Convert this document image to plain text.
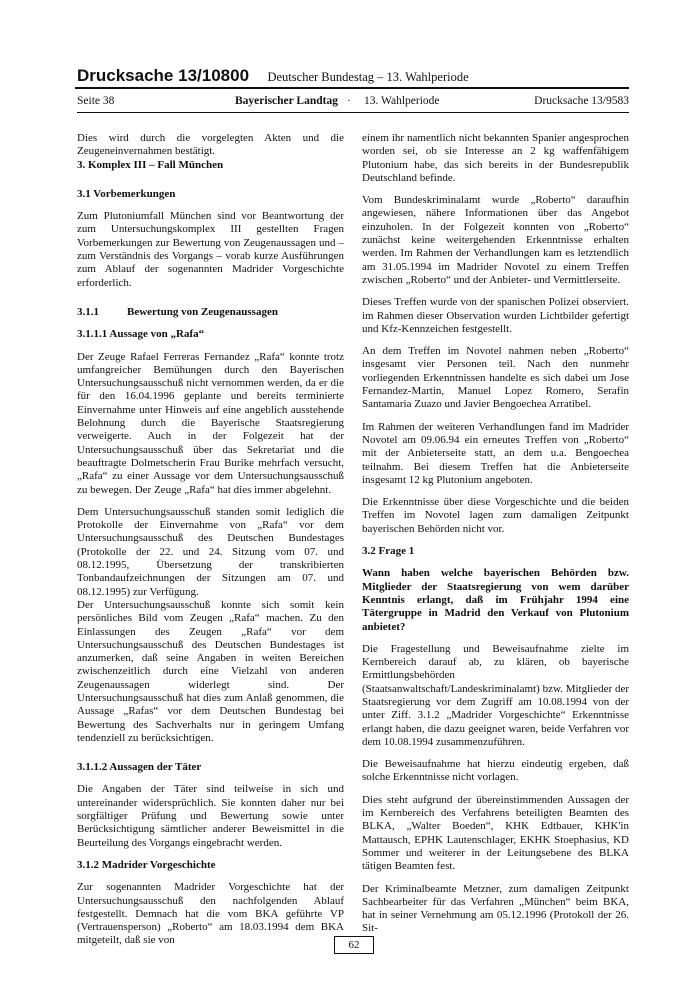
Drucksache 13/10800 Deutscher Bundestag – 13. Wahlperiode
Seite 38	Bayerischer Landtag · 13. Wahlperiode	Drucksache 13/9583

Dies wird durch die vorgelegten Akten und die Zeugeneinvernahmen bestätigt.

3. Komplex III – Fall München
3.1 Vorbemerkungen

Zum Plutoniumfall München sind vor Beantwortung der zum Untersuchungskomplex III gestellten Fragen Vorbemerkungen zur Bewertung von Zeugenaussagen und – zum Verständnis des Vorgangs – vorab kurze Ausführungen zum Ablauf der sogenannten Madrider Vorgeschichte erforderlich.

3.1.1	Bewertung von Zeugenaussagen
3.1.1.1 Aussage von „Rafa“

Der Zeuge Rafael Ferreras Fernandez „Rafa“ konnte trotz umfangreicher Bemühungen durch den Bayerischen Untersuchungsausschuß nicht vernommen werden, da er die für den 16.04.1996 geplante und bereits terminierte Einvernahme unter Hinweis auf eine angeblich ausstehende Belohnung durch die Bayerische Staatsregierung verweigerte. Auch in der Folgezeit hat der Untersuchungsausschuß über das Sekretariat und die beauftragte Dolmetscherin Frau Burike mehrfach versucht, „Rafa“ zu einer Aussage vor dem Untersuchungsausschuß zu bewegen. Der Zeuge „Rafa“ hat dies immer abgelehnt.

Dem Untersuchungsausschuß standen somit lediglich die Protokolle der Einvernahme von „Rafa“ vor dem Untersuchungsausschuß des Deutschen Bundestages (Protokolle der 22. und 24. Sitzung vom 07. und 08.12.1995, Übersetzung der transkribierten Tonbandaufzeichnungen der Sitzungen am 07. und 08.12.1995) zur Verfügung.

Der Untersuchungsausschuß konnte sich somit kein persönliches Bild vom Zeugen „Rafa“ machen. Zu den Einlassungen des Zeugen „Rafa“ vor dem Untersuchungsausschuß des Deutschen Bundestages ist anzumerken, daß seine Angaben in weiten Bereichen zwischenzeitlich durch eine Vielzahl von anderen Zeugenaussagen widerlegt sind. Der Untersuchungsausschuß hat dies zum Anlaß genommen, die Aussage „Rafas“ vor dem Deutschen Bundestag bei Bewertung des Sachverhalts nur in geringem Umfang tendenziell zu berücksichtigen.

3.1.1.2 Aussagen der Täter

Die Angaben der Täter sind teilweise in sich und untereinander widersprüchlich. Sie konnten daher nur bei sorgfältiger Prüfung und Bewertung sowie unter Berücksichtigung sämtlicher anderer Beweismittel in die Beurteilung des Vorgangs eingebracht werden.

3.1.2 Madrider Vorgeschichte

Zur sogenannten Madrider Vorgeschichte hat der Untersuchungsausschuß den nachfolgenden Ablauf festgestellt. Demnach hat die vom BKA geführte VP (Vertrauensperson) „Roberto“ am 18.03.1994 dem BKA mitgeteilt, daß sie von

einem ihr namentlich nicht bekannten Spanier angesprochen worden sei, ob sie Interesse an 2 kg waffenfähigem Plutonium habe, das sich bereits in der Bundesrepublik Deutschland befinde.

Vom Bundeskriminalamt wurde „Roberto“ daraufhin angewiesen, nähere Informationen über das Angebot einzuholen. In der Folgezeit konnten von „Roberto“ zunächst keine weitergehenden Erkenntnisse erhalten werden. Im Rahmen der Verhandlungen kam es letztendlich am 31.05.1994 im Madrider Novotel zu einem Treffen zwischen „Roberto“ und der Anbieter- und Vermittlerseite.

Dieses Treffen wurde von der spanischen Polizei observiert. im Rahmen dieser Observation wurden Lichtbilder gefertigt und Kfz-Kennzeichen festgestellt.

An dem Treffen im Novotel nahmen neben „Roberto“ insgesamt vier Personen teil. Nach den nunmehr vorliegenden Erkenntnissen handelte es sich dabei um Jose Fernandez-Martin, Manuel Lopez Romero, Serafin Santamaria Zuazo und Javier Bengoechea Arratibel.

Im Rahmen der weiteren Verhandlungen fand im Madrider Novotel am 09.06.94 ein erneutes Treffen von „Roberto“ mit der Anbieterseite statt, an dem u.a. Bengoechea teilnahm. Bei diesem Treffen hat die Anbieterseite insgesamt 12 kg Plutonium angeboten.

Die Erkenntnisse über diese Vorgeschichte und die beiden Treffen im Novotel lagen zum damaligen Zeitpunkt bayerischen Behörden nicht vor.

3.2 Frage 1

Wann haben welche bayerischen Behörden bzw. Mitglieder der Staatsregierung von wem darüber Kenntnis erlangt, daß im Frühjahr 1994 eine Tätergruppe in Madrid den Verkauf von Plutonium anbietet?

Die Fragestellung und Beweisaufnahme zielte im Kernbereich darauf ab, zu klären, ob bayerische Ermittlungsbehörden (Staatsanwaltschaft/Landeskriminalamt) bzw. Mitglieder der Staatsregierung vor dem Zugriff am 10.08.1994 von der unter Ziff. 3.1.2 „Madrider Vorgeschichte“ Erkenntnisse erlangt haben, die dazu geeignet waren, beide Verfahren vor dem 10.08.1994 zusammenzuführen.

Die Beweisaufnahme hat hierzu eindeutig ergeben, daß solche Erkenntnisse nicht vorlagen.

Dies steht aufgrund der übereinstimmenden Aussagen der im Kernbereich des Verfahrens beteiligten Beamten des BLKA, „Walter Boeden“, KHK Edtbauer, KHK'in Mattausch, EPHK Lautenschlager, EKHK Stoephasius, KD Sommer und weiterer in der Leitungsebene des BLKA tätigen Beamten fest.

Der Kriminalbeamte Metzner, zum damaligen Zeitpunkt Sachbearbeiter für das Verfahren „München“ beim BKA, hat in seiner Vernehmung am 05.12.1996 (Protokoll der 26. Sit-

62
